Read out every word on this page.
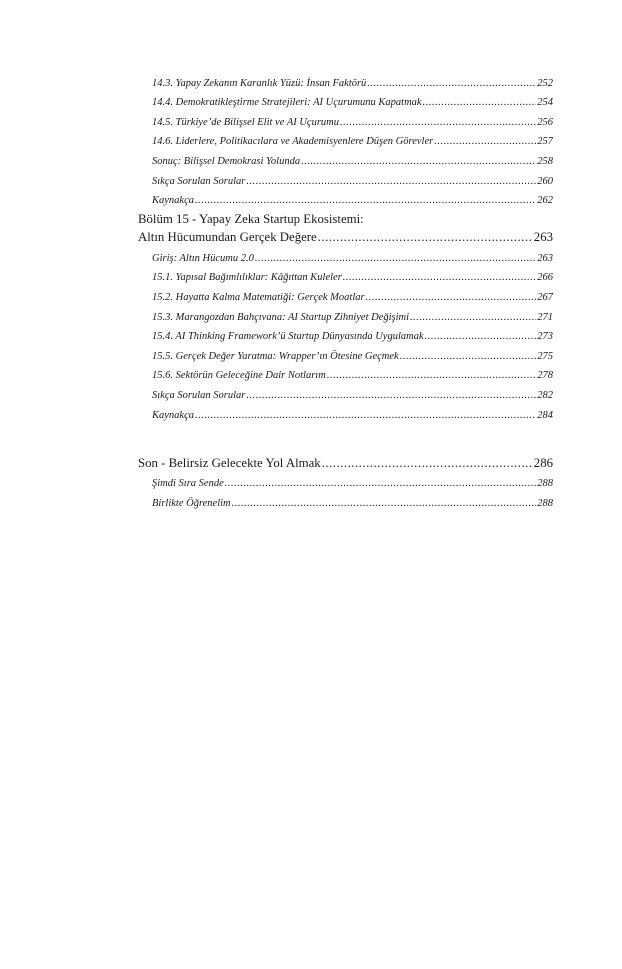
14.3. Yapay Zekanın Karanlık Yüzü: İnsan Faktörü .....	252
14.4. Demokratikleştirme Stratejileri: AI Uçurumunu Kapatmak .....	254
14.5. Türkiye’de Bilişsel Elit ve AI Uçurumu .....	256
14.6. Liderlere, Politikacılara ve Akademisyenlere Düşen Görevler .....	257
Sonuç: Bilişsel Demokrasi Yolunda .....	258
Sıkça Sorulan Sorular .....	260
Kaynakça .....	262
Bölüm 15 - Yapay Zeka Startup Ekosistemi:
Altın Hücumundan Gerçek Değere .....	263
Giriş: Altın Hücumu 2.0 .....	263
15.1. Yapısal Bağımlılıklar: Kâğıttan Kuleler .....	266
15.2. Hayatta Kalma Matematiği: Gerçek Moatlar .....	267
15.3. Marangozdan Bahçıvana: AI Startup Zihniyet Değişimi .....	271
15.4. AI Thinking Framework’ü Startup Dünyasında Uygulamak .....	273
15.5. Gerçek Değer Yaratma: Wrapper’ın Ötesine Geçmek .....	275
15.6. Sektörün Geleceğine Dair Notlarım .....	278
Sıkça Sorulan Sorular .....	282
Kaynakça .....	284
Son - Belirsiz Gelecekte Yol Almak .....	286
Şimdi Sıra Sende .....	288
Birlikte Öğrenelim .....	288
